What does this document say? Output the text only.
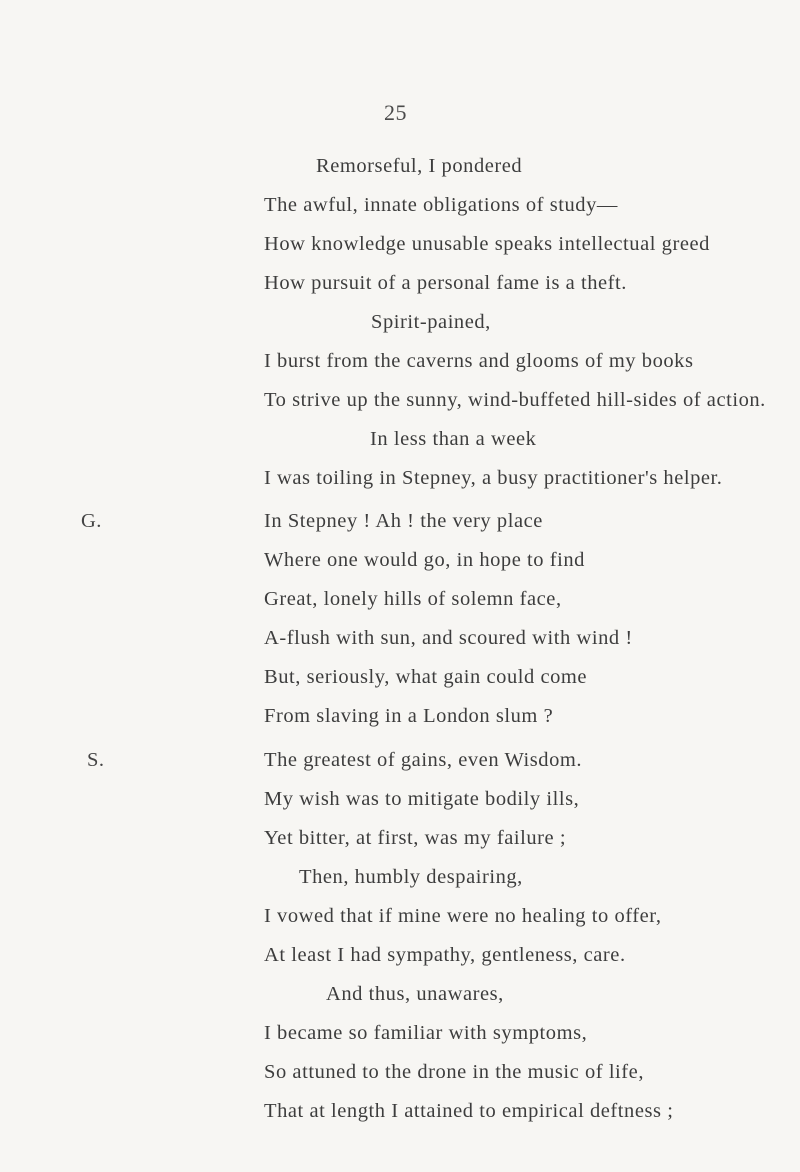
25
Remorseful, I pondered
The awful, innate obligations of study—
How knowledge unusable speaks intellectual greed
How pursuit of a personal fame is a theft.
Spirit-pained,
I burst from the caverns and glooms of my books
To strive up the sunny, wind-buffeted hill-sides of action.
In less than a week
I was toiling in Stepney, a busy practitioner's helper.
G.	In Stepney ! Ah ! the very place
Where one would go, in hope to find
Great, lonely hills of solemn face,
A-flush with sun, and scoured with wind !
But, seriously, what gain could come
From slaving in a London slum ?
S.	The greatest of gains, even Wisdom.
My wish was to mitigate bodily ills,
Yet bitter, at first, was my failure ;
Then, humbly despairing,
I vowed that if mine were no healing to offer,
At least I had sympathy, gentleness, care.
And thus, unawares,
I became so familiar with symptoms,
So attuned to the drone in the music of life,
That at length I attained to empirical deftness ;
